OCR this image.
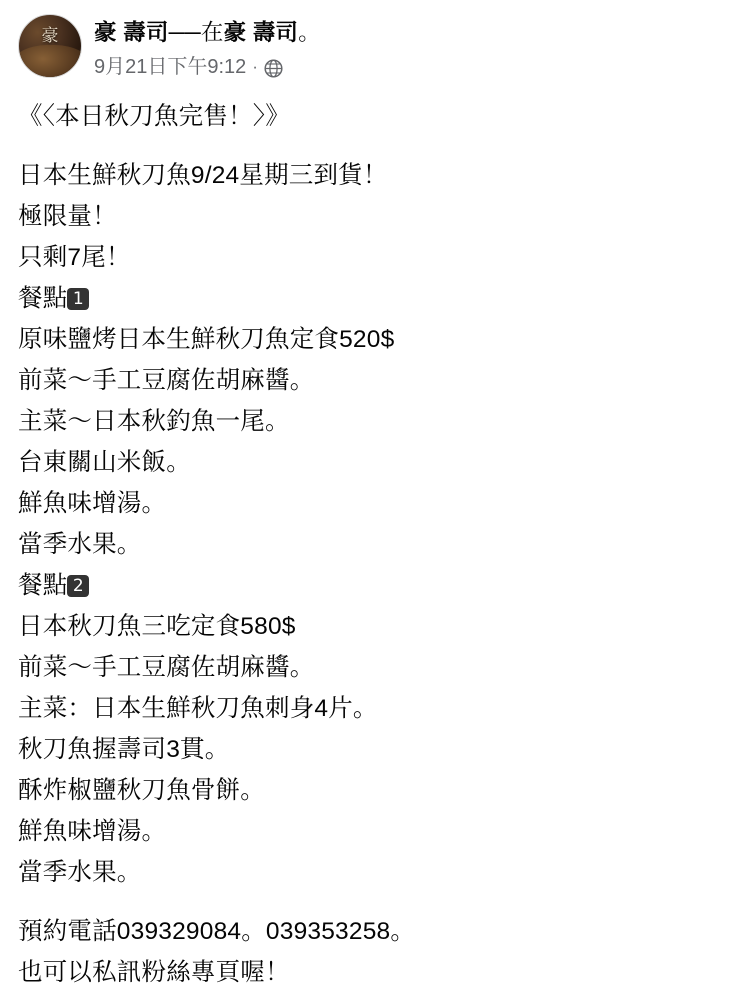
豪	豪 壽司──在豪 壽司。
9月21日下午9:12 ·
《〈本日秋刀魚完售！〉》
日本生鮮秋刀魚9/24星期三到貨！
極限量！
只剩7尾！
餐點 1
原味鹽烤日本生鮮秋刀魚定食520$
前菜～手工豆腐佐胡麻醬。
主菜～日本秋釣魚一尾。
台東關山米飯。
鮮魚味增湯。
當季水果。
餐點 2
日本秋刀魚三吃定食580$
前菜～手工豆腐佐胡麻醬。
主菜：日本生鮮秋刀魚刺身4片。
秋刀魚握壽司3貫。
酥炸椒鹽秋刀魚骨餅。
鮮魚味增湯。
當季水果。
預約電話039329084。039353258。
也可以私訊粉絲專頁喔！
